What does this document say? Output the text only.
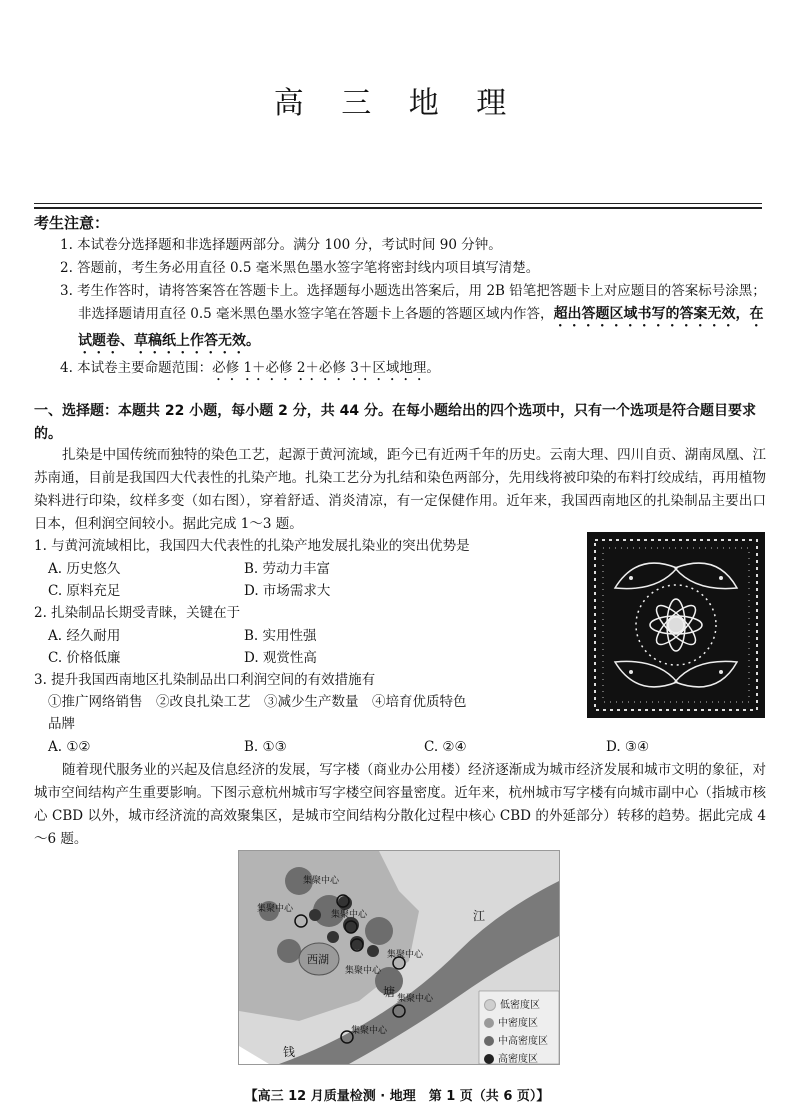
高 三 地 理
考生注意：
1. 本试卷分选择题和非选择题两部分。满分 100 分，考试时间 90 分钟。
2. 答题前，考生务必用直径 0.5 毫米黑色墨水签字笔将密封线内项目填写清楚。
3. 考生作答时，请将答案答在答题卡上。选择题每小题选出答案后，用 2B 铅笔把答题卡上对应题目的答案标号涂黑；非选择题请用直径 0.5 毫米黑色墨水签字笔在答题卡上各题的答题区域内作答，超出答题区域书写的答案无效，在试题卷、草稿纸上作答无效。
4. 本试卷主要命题范围：必修 1＋必修 2＋必修 3＋区域地理。
一、选择题：本题共 22 小题，每小题 2 分，共 44 分。在每小题给出的四个选项中，只有一个选项是符合题目要求的。
扎染是中国传统而独特的染色工艺，起源于黄河流域，距今已有近两千年的历史。云南大理、四川自贡、湖南凤凰、江苏南通，目前是我国四大代表性的扎染产地。扎染工艺分为扎结和染色两部分，先用线将被印染的布料打绞成结，再用植物染料进行印染，纹样多变（如右图），穿着舒适、消炎清凉，有一定保健作用。近年来，我国西南地区的扎染制品主要出口日本，但利润空间较小。据此完成 1～3 题。
1. 与黄河流域相比，我国四大代表性的扎染产地发展扎染业的突出优势是
A. 历史悠久	B. 劳动力丰富
C. 原料充足	D. 市场需求大
2. 扎染制品长期受青睐，关键在于
A. 经久耐用	B. 实用性强
C. 价格低廉	D. 观赏性高
3. 提升我国西南地区扎染制品出口利润空间的有效措施有
①推广网络销售　②改良扎染工艺　③减少生产数量　④培育优质特色
品牌
A. ①②	B. ①③	C. ②④	D. ③④
随着现代服务业的兴起及信息经济的发展，写字楼（商业办公用楼）经济逐渐成为城市经济发展和城市文明的象征，对城市空间结构产生重要影响。下图示意杭州城市写字楼空间容量密度。近年来，杭州城市写字楼有向城市副中心（指城市核心 CBD 以外，城市经济流的高效聚集区，是城市空间结构分散化过程中核心 CBD 的外延部分）转移的趋势。据此完成 4～6 题。
集聚中心
集聚中心
集聚中心
集聚中心
集聚中心
集聚中心
集聚中心
西湖
江
塘
钱
低密度区
中密度区
中高密度区
高密度区
【高三 12 月质量检测 · 地理　第 1 页（共 6 页）】
